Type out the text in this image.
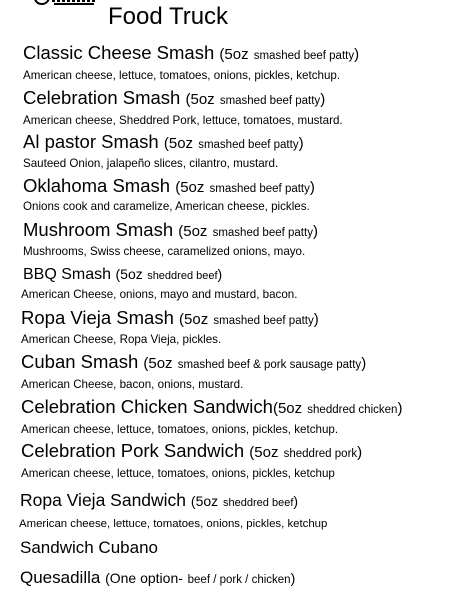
Food Truck
Classic Cheese Smash (5oz smashed beef patty)
American cheese, lettuce, tomatoes, onions, pickles, ketchup.
Celebration Smash (5oz smashed beef patty)
American cheese, Sheddred Pork, lettuce, tomatoes, mustard.
Al pastor Smash (5oz smashed beef patty)
Sauteed Onion, jalapeño slices, cilantro, mustard.
Oklahoma Smash (5oz smashed beef patty)
Onions cook and caramelize, American cheese, pickles.
Mushroom Smash (5oz smashed beef patty)
Mushrooms, Swiss cheese, caramelized onions, mayo.
BBQ Smash (5oz sheddred beef)
American Cheese, onions, mayo and mustard, bacon.
Ropa Vieja Smash (5oz smashed beef patty)
American Cheese, Ropa Vieja, pickles.
Cuban Smash (5oz smashed beef & pork sausage patty)
American Cheese, bacon, onions, mustard.
Celebration Chicken Sandwich(5oz sheddred chicken)
American cheese, lettuce, tomatoes, onions, pickles, ketchup.
Celebration Pork Sandwich (5oz sheddred pork)
American cheese, lettuce, tomatoes, onions, pickles, ketchup
Ropa Vieja Sandwich (5oz sheddred beef)
American cheese, lettuce, tomatoes, onions, pickles, ketchup
Sandwich Cubano
Quesadilla (One option- beef / pork / chicken)
